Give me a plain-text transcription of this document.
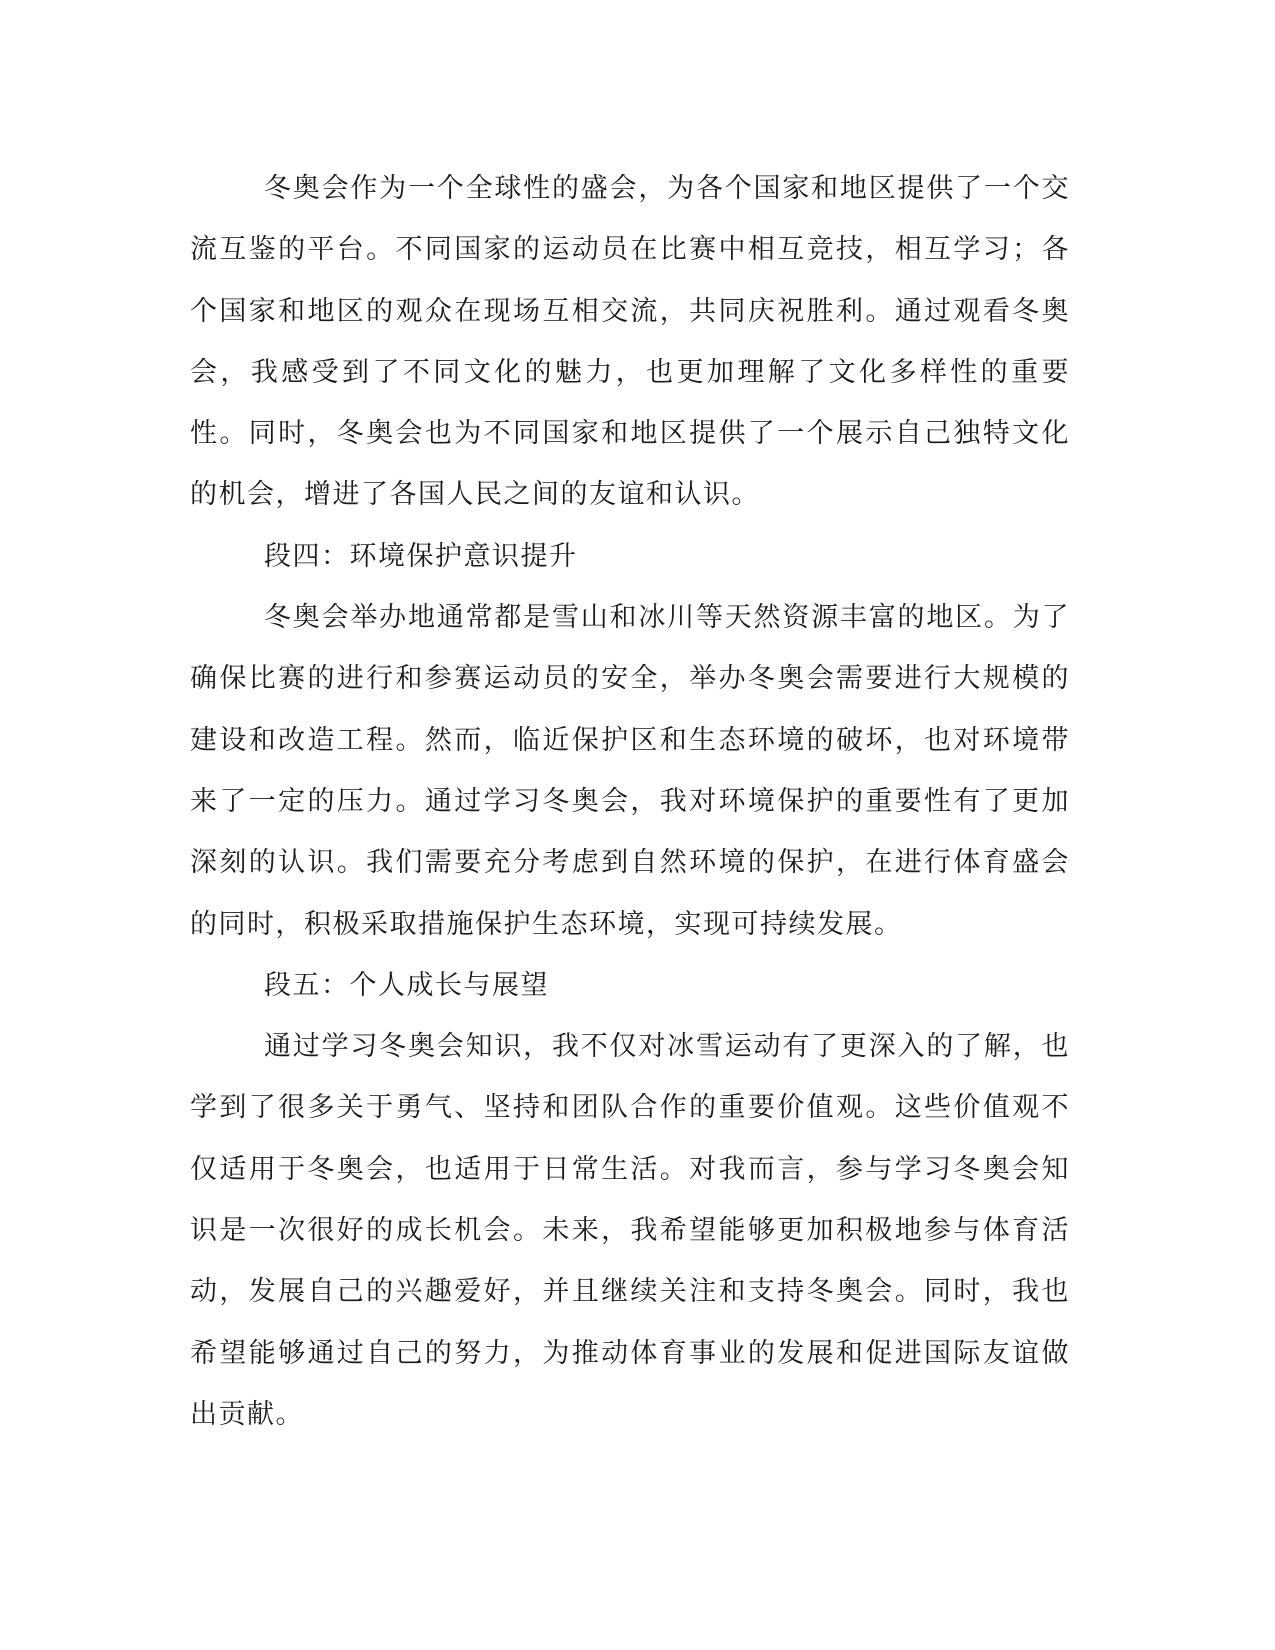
冬奥会作为一个全球性的盛会，为各个国家和地区提供了一个交流互鉴的平台。不同国家的运动员在比赛中相互竞技，相互学习；各个国家和地区的观众在现场互相交流，共同庆祝胜利。通过观看冬奥会，我感受到了不同文化的魅力，也更加理解了文化多样性的重要性。同时，冬奥会也为不同国家和地区提供了一个展示自己独特文化的机会，增进了各国人民之间的友谊和认识。

段四：环境保护意识提升

冬奥会举办地通常都是雪山和冰川等天然资源丰富的地区。为了确保比赛的进行和参赛运动员的安全，举办冬奥会需要进行大规模的建设和改造工程。然而，临近保护区和生态环境的破坏，也对环境带来了一定的压力。通过学习冬奥会，我对环境保护的重要性有了更加深刻的认识。我们需要充分考虑到自然环境的保护，在进行体育盛会的同时，积极采取措施保护生态环境，实现可持续发展。

段五：个人成长与展望

通过学习冬奥会知识，我不仅对冰雪运动有了更深入的了解，也学到了很多关于勇气、坚持和团队合作的重要价值观。这些价值观不仅适用于冬奥会，也适用于日常生活。对我而言，参与学习冬奥会知识是一次很好的成长机会。未来，我希望能够更加积极地参与体育活动，发展自己的兴趣爱好，并且继续关注和支持冬奥会。同时，我也希望能够通过自己的努力，为推动体育事业的发展和促进国际友谊做出贡献。
